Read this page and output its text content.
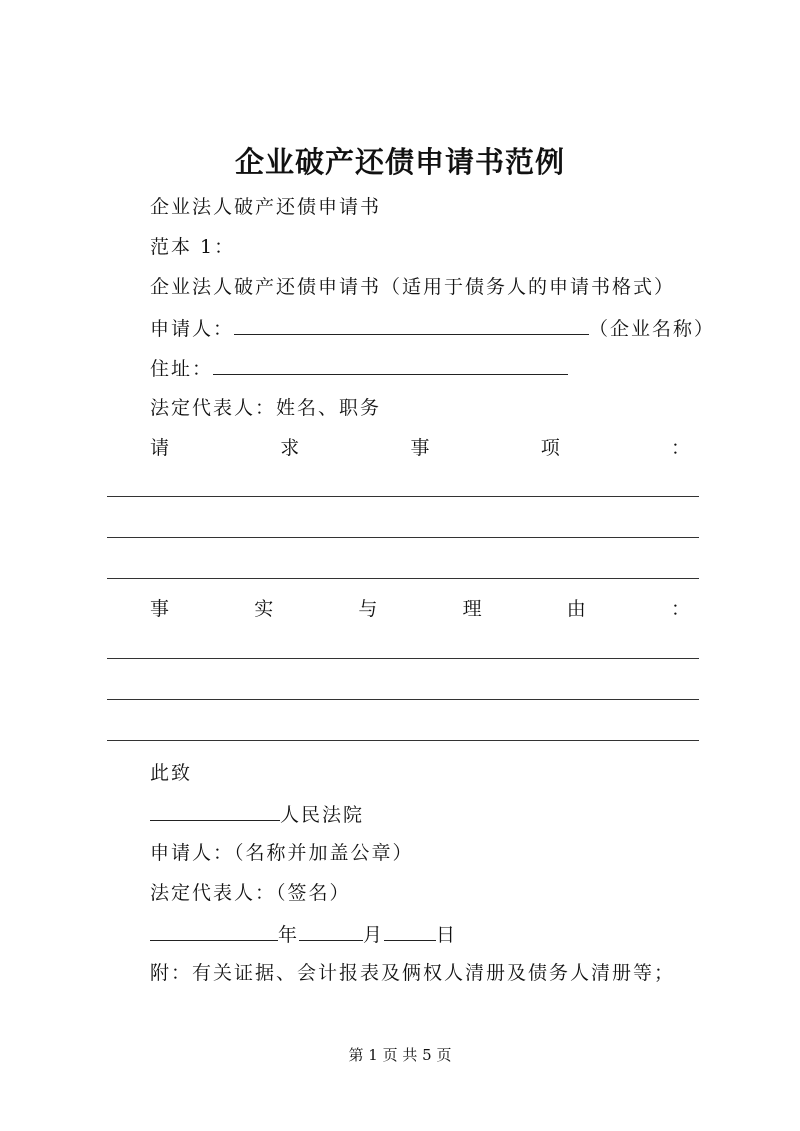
企业破产还债申请书范例
企业法人破产还债申请书
范本 1：
企业法人破产还债申请书（适用于债务人的申请书格式）
申请人：	（企业名称）
住址：
法定代表人：姓名、职务
请	求	事	项	：
事	实	与	理	由	：
此致
人民法院
申请人：（名称并加盖公章）
法定代表人：（签名）
年	月	日
附：有关证据、会计报表及俩权人清册及债务人清册等；
第 1 页 共 5 页
